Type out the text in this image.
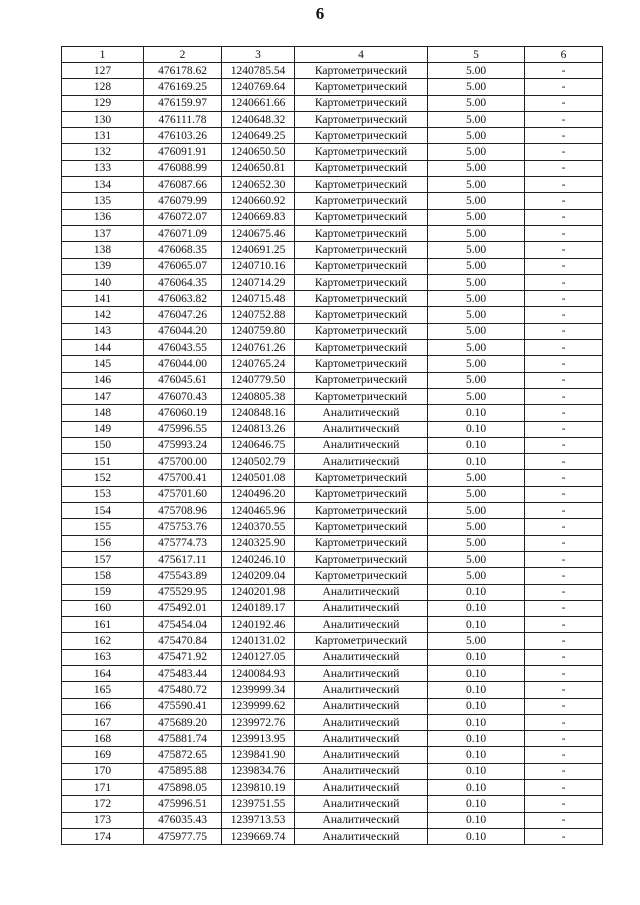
6
1	2	3	4	5	6
127	476178.62	1240785.54	Картометрический	5.00	-
128	476169.25	1240769.64	Картометрический	5.00	-
129	476159.97	1240661.66	Картометрический	5.00	-
130	476111.78	1240648.32	Картометрический	5.00	-
131	476103.26	1240649.25	Картометрический	5.00	-
132	476091.91	1240650.50	Картометрический	5.00	-
133	476088.99	1240650.81	Картометрический	5.00	-
134	476087.66	1240652.30	Картометрический	5.00	-
135	476079.99	1240660.92	Картометрический	5.00	-
136	476072.07	1240669.83	Картометрический	5.00	-
137	476071.09	1240675.46	Картометрический	5.00	-
138	476068.35	1240691.25	Картометрический	5.00	-
139	476065.07	1240710.16	Картометрический	5.00	-
140	476064.35	1240714.29	Картометрический	5.00	-
141	476063.82	1240715.48	Картометрический	5.00	-
142	476047.26	1240752.88	Картометрический	5.00	-
143	476044.20	1240759.80	Картометрический	5.00	-
144	476043.55	1240761.26	Картометрический	5.00	-
145	476044.00	1240765.24	Картометрический	5.00	-
146	476045.61	1240779.50	Картометрический	5.00	-
147	476070.43	1240805.38	Картометрический	5.00	-
148	476060.19	1240848.16	Аналитический	0.10	-
149	475996.55	1240813.26	Аналитический	0.10	-
150	475993.24	1240646.75	Аналитический	0.10	-
151	475700.00	1240502.79	Аналитический	0.10	-
152	475700.41	1240501.08	Картометрический	5.00	-
153	475701.60	1240496.20	Картометрический	5.00	-
154	475708.96	1240465.96	Картометрический	5.00	-
155	475753.76	1240370.55	Картометрический	5.00	-
156	475774.73	1240325.90	Картометрический	5.00	-
157	475617.11	1240246.10	Картометрический	5.00	-
158	475543.89	1240209.04	Картометрический	5.00	-
159	475529.95	1240201.98	Аналитический	0.10	-
160	475492.01	1240189.17	Аналитический	0.10	-
161	475454.04	1240192.46	Аналитический	0.10	-
162	475470.84	1240131.02	Картометрический	5.00	-
163	475471.92	1240127.05	Аналитический	0.10	-
164	475483.44	1240084.93	Аналитический	0.10	-
165	475480.72	1239999.34	Аналитический	0.10	-
166	475590.41	1239999.62	Аналитический	0.10	-
167	475689.20	1239972.76	Аналитический	0.10	-
168	475881.74	1239913.95	Аналитический	0.10	-
169	475872.65	1239841.90	Аналитический	0.10	-
170	475895.88	1239834.76	Аналитический	0.10	-
171	475898.05	1239810.19	Аналитический	0.10	-
172	475996.51	1239751.55	Аналитический	0.10	-
173	476035.43	1239713.53	Аналитический	0.10	-
174	475977.75	1239669.74	Аналитический	0.10	-
